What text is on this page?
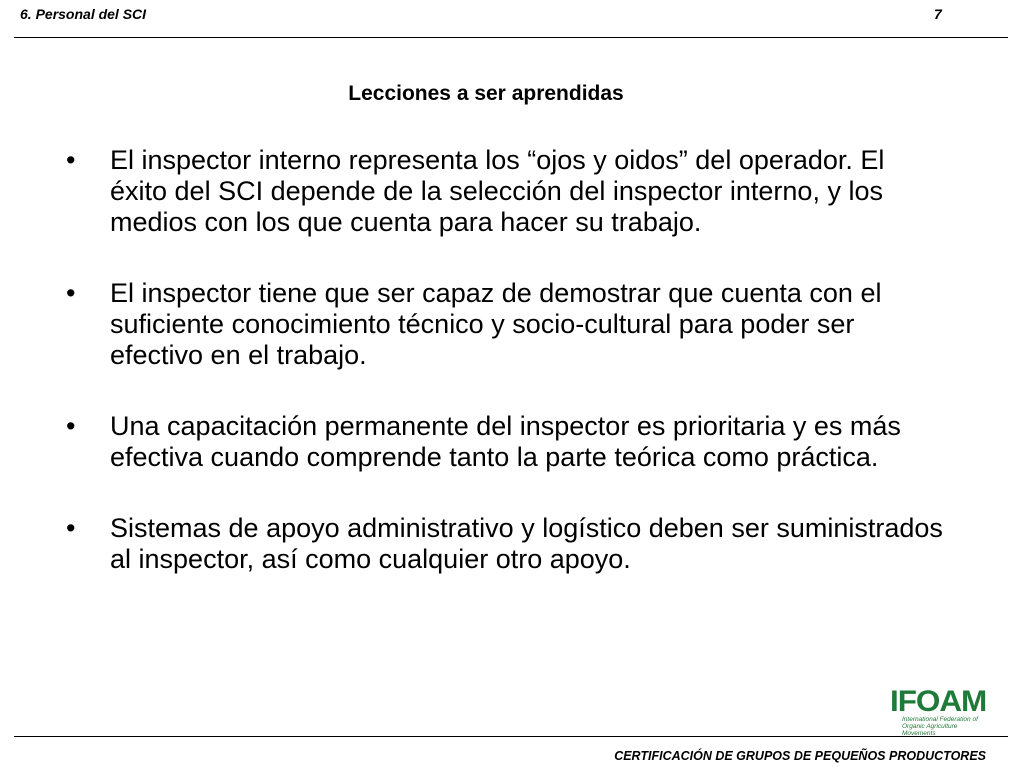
6. Personal del SCI	7
Lecciones a ser aprendidas
• El inspector interno representa los “ojos y oidos” del operador. El éxito del SCI depende de la selección del inspector interno, y los medios con los que cuenta para hacer su trabajo.
• El inspector tiene que ser capaz de demostrar que cuenta con el suficiente conocimiento técnico y socio-cultural para poder ser efectivo en el trabajo.
• Una capacitación permanente del inspector es prioritaria y es más efectiva cuando comprende tanto la parte teórica como práctica.
• Sistemas de apoyo administrativo y logístico deben ser suministrados al inspector, así como cualquier otro apoyo.
IFOAM
International Federation of
Organic Agriculture Movements
CERTIFICACIÓN DE GRUPOS DE PEQUEÑOS PRODUCTORES
